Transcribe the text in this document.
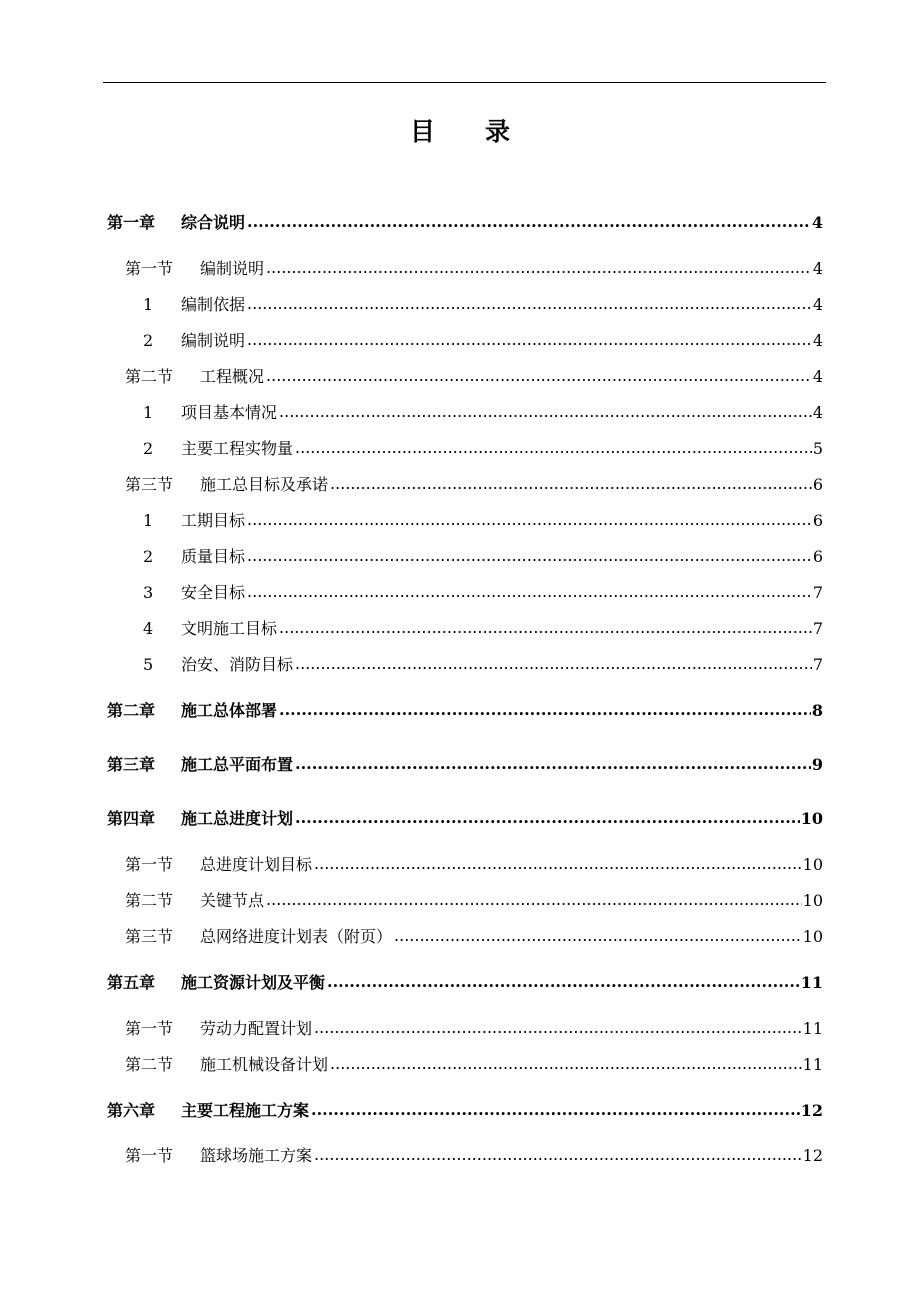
目 录
第一章	综合说明 .....	4
第一节	编制说明 .....	4
1	编制依据 .....	4
2	编制说明 .....	4
第二节	工程概况 .....	4
1	项目基本情况 .....	4
2	主要工程实物量 .....	5
第三节	施工总目标及承诺 .....	6
1	工期目标 .....	6
2	质量目标 .....	6
3	安全目标 .....	7
4	文明施工目标 .....	7
5	治安、消防目标 .....	7
第二章	施工总体部署 .....	8
第三章	施工总平面布置 .....	9
第四章	施工总进度计划 .....	10
第一节	总进度计划目标 .....	10
第二节	关键节点 .....	10
第三节	总网络进度计划表（附页） .....	10
第五章	施工资源计划及平衡 .....	11
第一节	劳动力配置计划 .....	11
第二节	施工机械设备计划 .....	11
第六章	主要工程施工方案 .....	12
第一节	篮球场施工方案 .....	12
